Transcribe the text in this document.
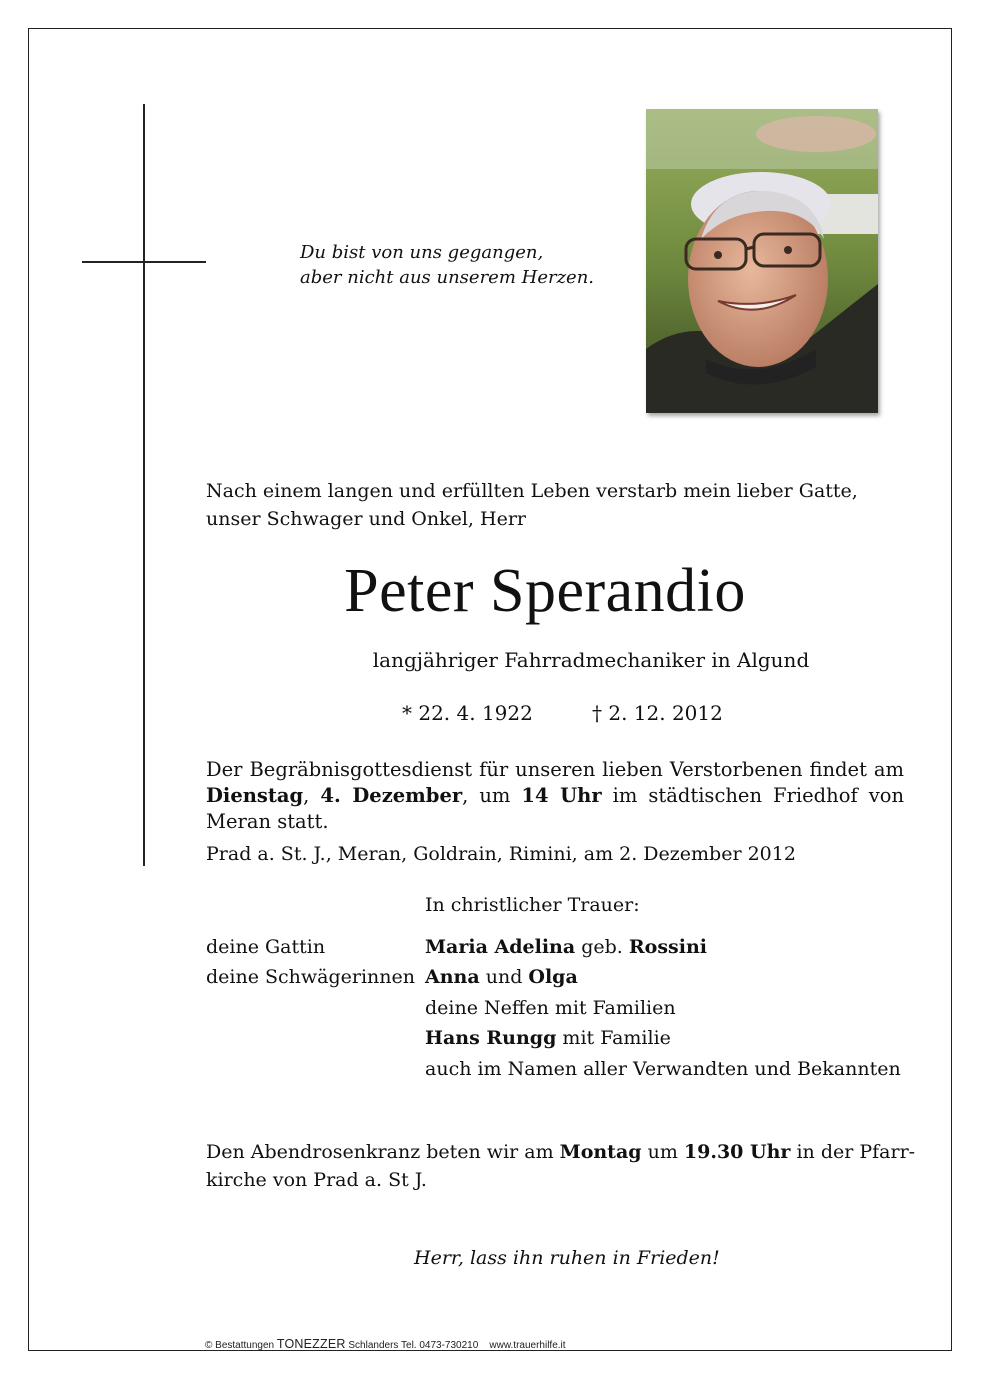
Du bist von uns gegangen,
aber nicht aus unserem Herzen.
Nach einem langen und erfüllten Leben verstarb mein lieber Gatte,
unser Schwager und Onkel, Herr
Peter Sperandio
langjähriger Fahrradmechaniker in Algund
* 22. 4. 1922	† 2. 12. 2012
Der Begräbnisgottesdienst für unseren lieben Verstorbenen findet am Dienstag, 4. Dezember, um 14 Uhr im städtischen Friedhof von Meran statt.
Prad a. St. J., Meran, Goldrain, Rimini, am 2. Dezember 2012
In christlicher Trauer:
deine Gattin	Maria Adelina geb. Rossini
deine Schwägerinnen Anna und Olga
deine Neffen mit Familien
Hans Rungg mit Familie
auch im Namen aller Verwandten und Bekannten
Den Abendrosenkranz beten wir am Montag um 19.30 Uhr in der Pfarr-
kirche von Prad a. St J.
Herr, lass ihn ruhen in Frieden!
© Bestattungen TONEZZER Schlanders Tel. 0473-730210    www.trauerhilfe.it
